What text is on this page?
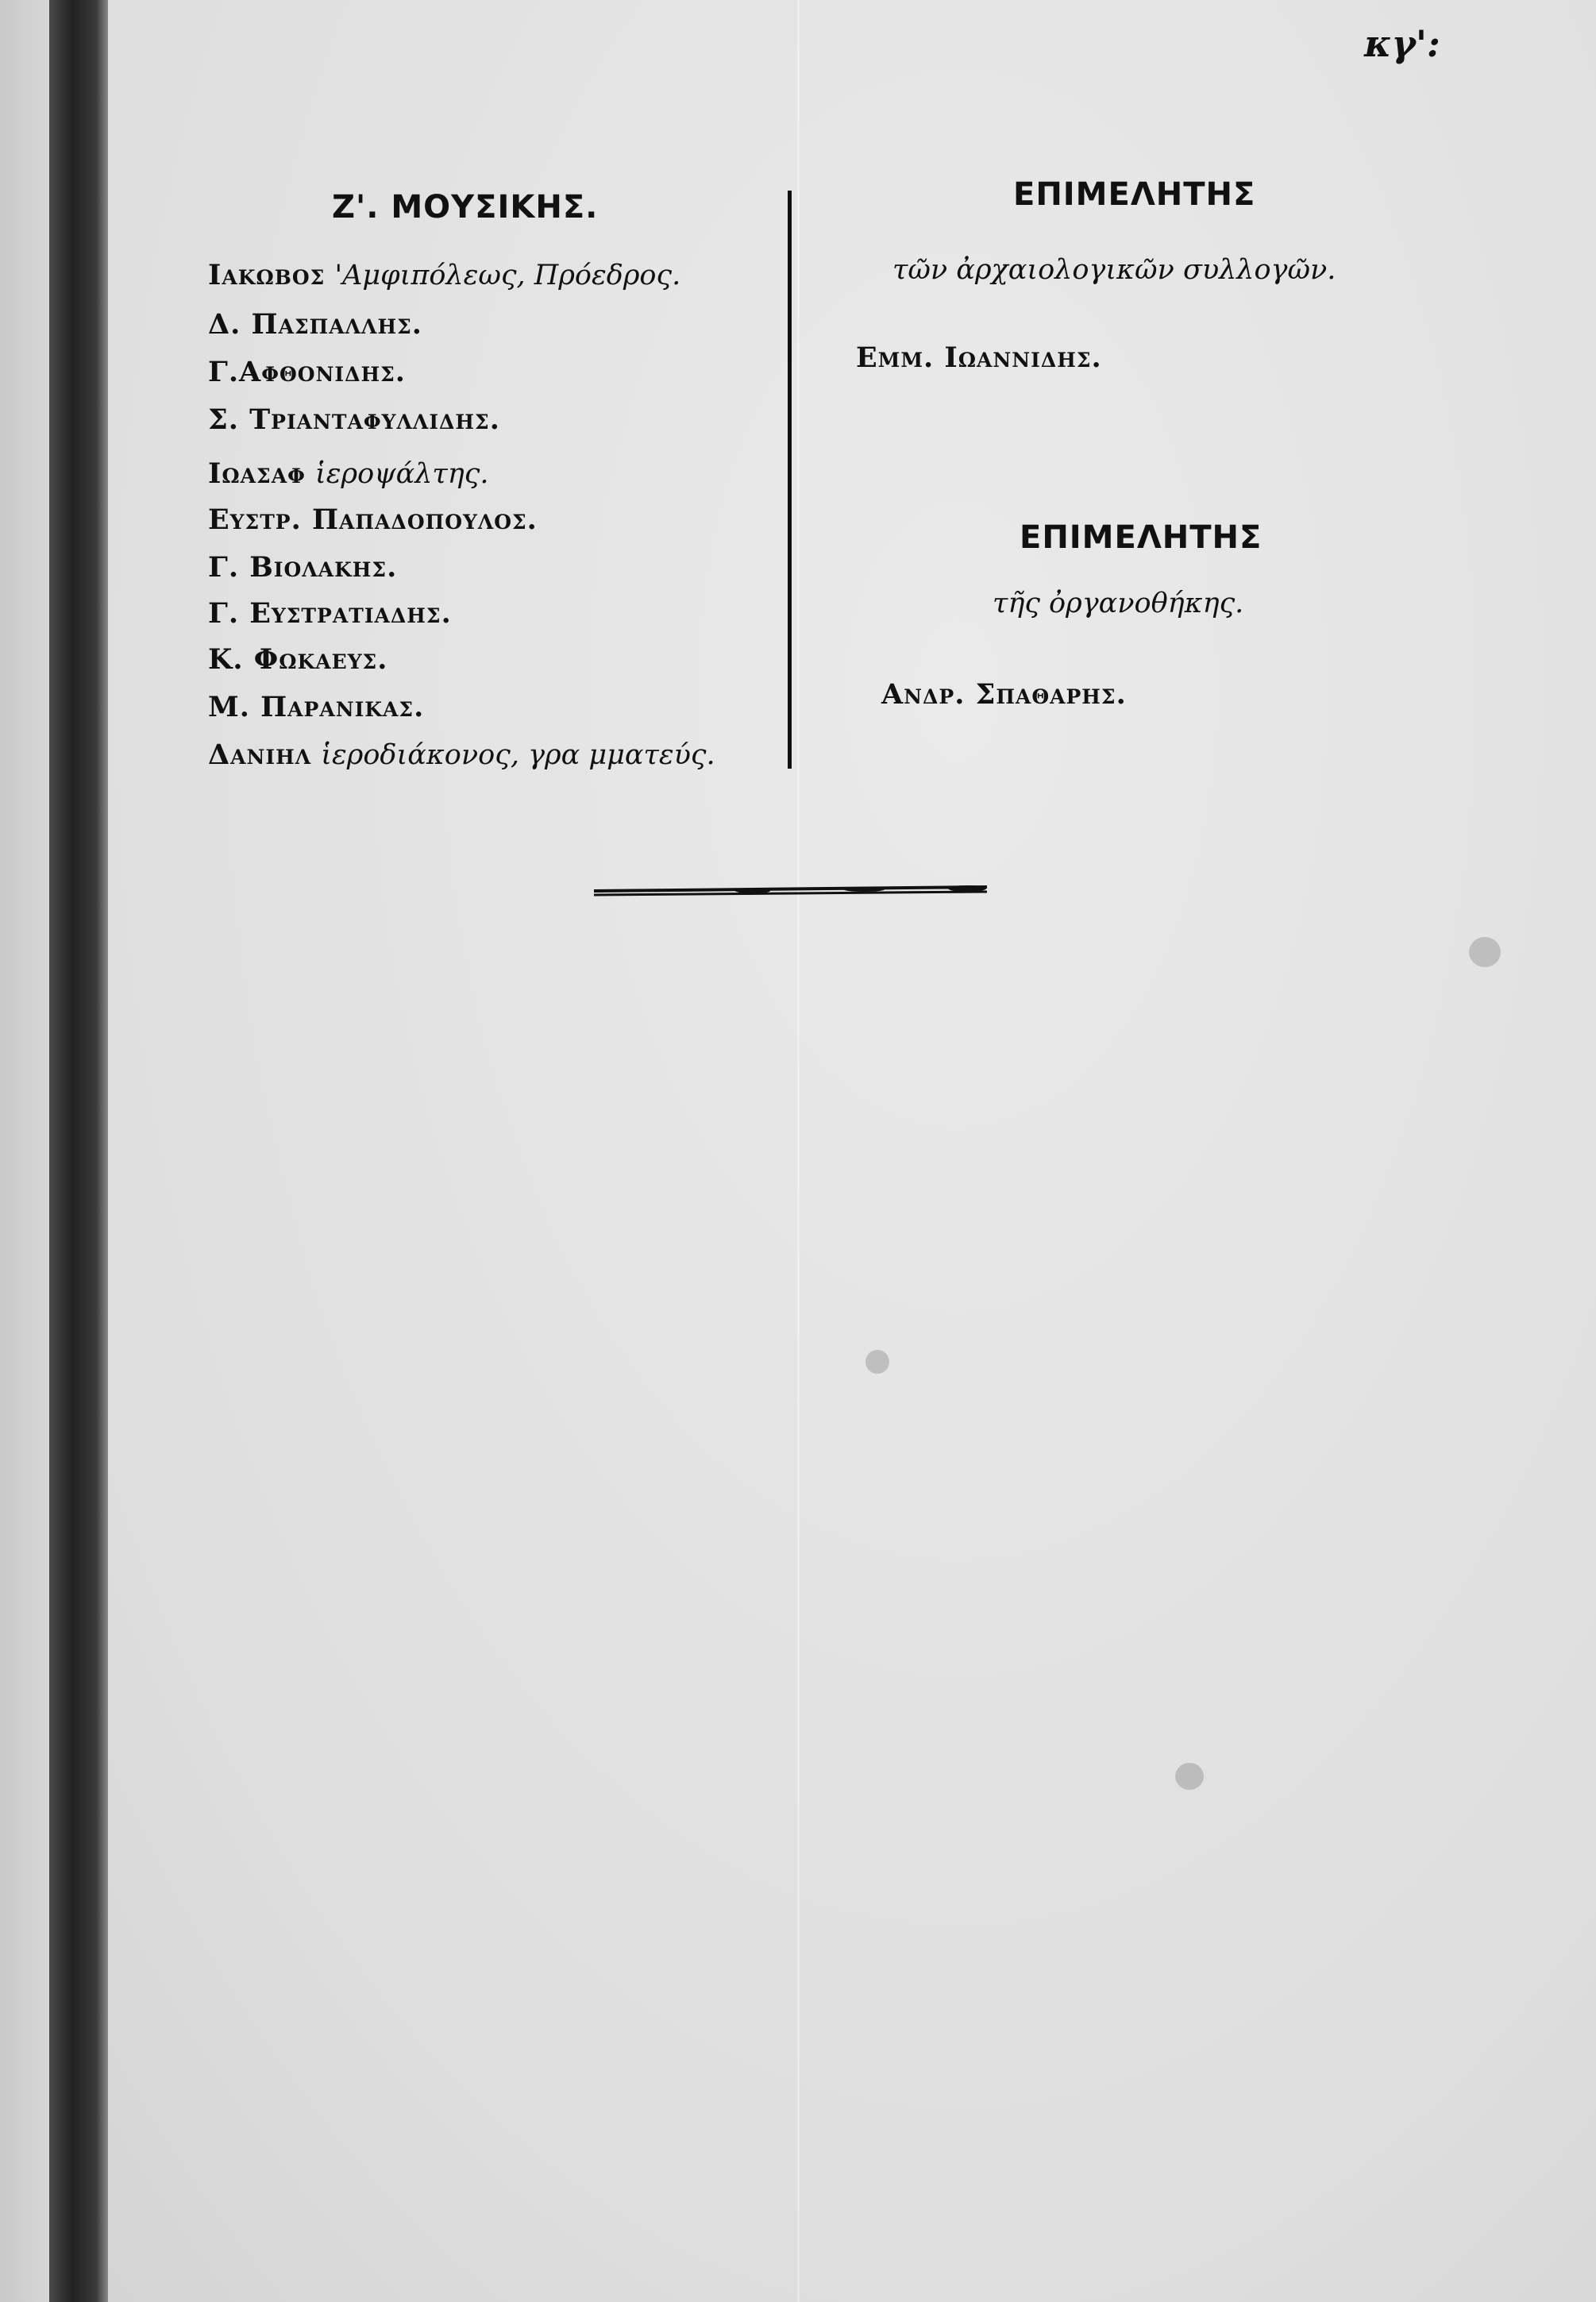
κγ':
Ζ'. ΜΟΥΣΙΚΗΣ.
Ιακωβος 'Αμφιπόλεως, Πρόεδρος.
Δ. Πασπαλλης.
Γ.Αφθονιδης.
Σ. Τριανταφυλλιδης.
Ιωασαφ ἱεροψάλτης.
Ευστρ. Παπαδοπουλος.
Γ. Βιολακης.
Γ. Ευστρατιαδης.
Κ. Φωκαευς.
Μ. Παρανικας.
Δανιηλ ἱεροδιάκονος, γρα μματεύς.
ΕΠΙΜΕΛΗΤΗΣ
τῶν ἀρχαιολογικῶν συλλογῶν.
Εμμ. Ιωαννιδης.
ΕΠΙΜΕΛΗΤΗΣ
τῆς ὀργανοθήκης.
Ανδρ. Σπαθαρης.
